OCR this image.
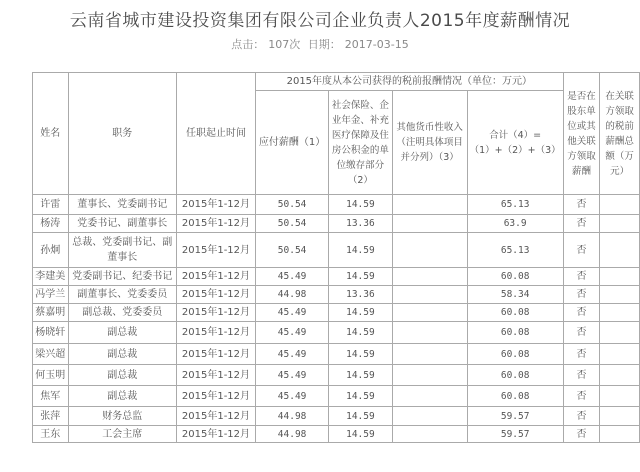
云南省城市建设投资集团有限公司企业负责人2015年度薪酬情况
点击： 107次 日期： 2017-03-15
姓名	职务	任职起止时间	2015年度从本公司获得的税前报酬情况（单位：万元）				是否在股东单位或其他关联方领取薪酬	在关联方领取的税前薪酬总额（万元）
			应付薪酬（1）	社会保险、企业年金、补充医疗保障及住房公积金的单位缴存部分（2）	其他货币性收入（注明具体项目并分列）（3）	合计（4）=（1）+（2）+（3）		
许雷	董事长、党委副书记	2015年1-12月	50.54	14.59		65.13	否	
杨涛	党委书记、副董事长	2015年1-12月	50.54	13.36		63.9	否	
孙炯	总裁、党委副书记、副董事长	2015年1-12月	50.54	14.59		65.13	否	
李建美	党委副书记、纪委书记	2015年1-12月	45.49	14.59		60.08	否	
冯学兰	副董事长、党委委员	2015年1-12月	44.98	13.36		58.34	否	
蔡嘉明	副总裁、党委委员	2015年1-12月	45.49	14.59		60.08	否	
杨晓轩	副总裁	2015年1-12月	45.49	14.59		60.08	否	
梁兴超	副总裁	2015年1-12月	45.49	14.59		60.08	否	
何玉明	副总裁	2015年1-12月	45.49	14.59		60.08	否	
焦军	副总裁	2015年1-12月	45.49	14.59		60.08	否	
张萍	财务总监	2015年1-12月	44.98	14.59		59.57	否	
王东	工会主席	2015年1-12月	44.98	14.59		59.57	否	
